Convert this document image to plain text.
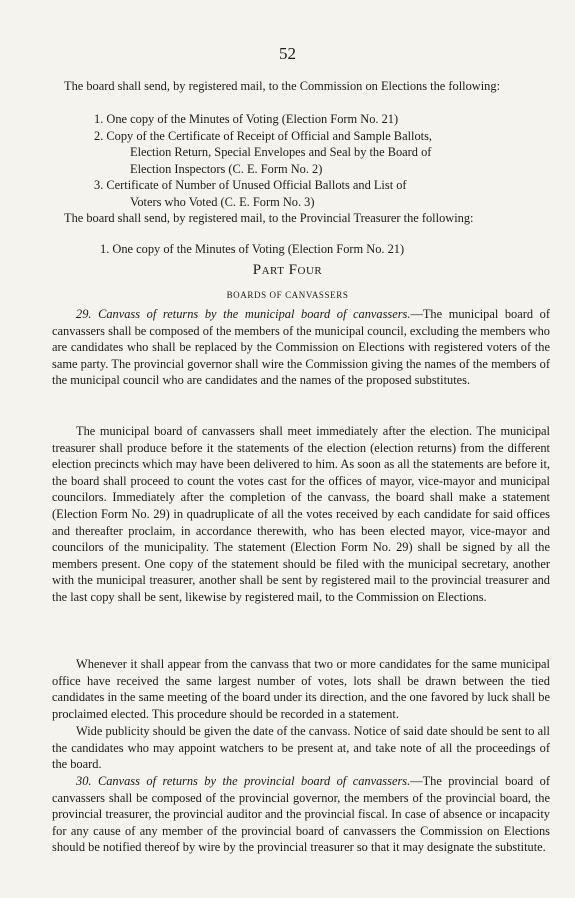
52
The board shall send, by registered mail, to the Commission on Elections the following:
1. One copy of the Minutes of Voting (Election Form No. 21)
2. Copy of the Certificate of Receipt of Official and Sample Ballots,
Election Return, Special Envelopes and Seal by the Board of
Election Inspectors (C. E. Form No. 2)
3. Certificate of Number of Unused Official Ballots and List of
Voters who Voted (C. E. Form No. 3)
The board shall send, by registered mail, to the Provincial Treasurer the following:
1. One copy of the Minutes of Voting (Election Form No. 21)
Part Four
BOARDS OF CANVASSERS

29. Canvass of returns by the municipal board of canvassers.—The municipal board of canvassers shall be composed of the members of the municipal council, excluding the members who are candidates who shall be replaced by the Commission on Elections with registered voters of the same party. The provincial governor shall wire the Commission giving the names of the members of the municipal council who are candidates and the names of the proposed substitutes.

The municipal board of canvassers shall meet immediately after the election. The municipal treasurer shall produce before it the statements of the election (election returns) from the different election precincts which may have been delivered to him. As soon as all the statements are before it, the board shall proceed to count the votes cast for the offices of mayor, vice-mayor and municipal councilors. Immediately after the completion of the canvass, the board shall make a statement (Election Form No. 29) in quadruplicate of all the votes received by each candidate for said offices and thereafter proclaim, in accordance therewith, who has been elected mayor, vice-mayor and councilors of the municipality. The statement (Election Form No. 29) shall be signed by all the members present. One copy of the statement should be filed with the municipal secretary, another with the municipal treasurer, another shall be sent by registered mail to the provincial treasurer and the last copy shall be sent, likewise by registered mail, to the Commission on Elections.

Whenever it shall appear from the canvass that two or more candidates for the same municipal office have received the same largest number of votes, lots shall be drawn between the tied candidates in the same meeting of the board under its direction, and the one favored by luck shall be proclaimed elected. This procedure should be recorded in a statement.

Wide publicity should be given the date of the canvass. Notice of said date should be sent to all the candidates who may appoint watchers to be present at, and take note of all the proceedings of the board.

30. Canvass of returns by the provincial board of canvassers.—The provincial board of canvassers shall be composed of the provincial governor, the members of the provincial board, the provincial treasurer, the provincial auditor and the provincial fiscal. In case of absence or incapacity for any cause of any member of the provincial board of canvassers the Commission on Elections should be notified thereof by wire by the provincial treasurer so that it may designate the substitute.
